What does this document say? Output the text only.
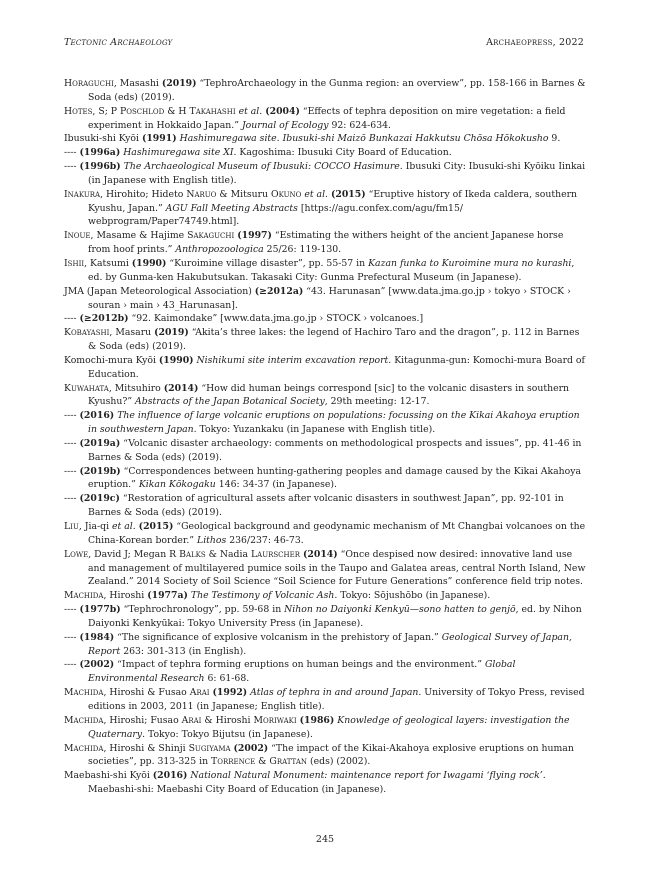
Tectonic Archaeology	Archaeopress, 2022

Horaguchi, Masashi (2019) “TephroArchaeology in the Gunma region: an overview”, pp. 158-166 in Barnes & Soda (eds) (2019).

Hotes, S; P Poschlod & H Takahashi et al. (2004) “Effects of tephra deposition on mire vegetation: a field experiment in Hokkaido Japan.” Journal of Ecology 92: 624-634.

Ibusuki-shi Kyōi (1991) Hashimuregawa site. Ibusuki-shi Maizō Bunkazai Hakkutsu Chōsa Hōkokusho 9.

---- (1996a) Hashimuregawa site XI. Kagoshima: Ibusuki City Board of Education.

---- (1996b) The Archaeological Museum of Ibusuki: COCCO Hasimure. Ibusuki City: Ibusuki-shi Kyōiku Iinkai (in Japanese with English title).

Inakura, Hirohito; Hideto Naruo & Mitsuru Okuno et al. (2015) “Eruptive history of Ikeda caldera, southern Kyushu, Japan.” AGU Fall Meeting Abstracts [https://agu.confex.com/agu/fm15/ webprogram/Paper74749.html].

Inoue, Masame & Hajime Sakaguchi (1997) “Estimating the withers height of the ancient Japanese horse from hoof prints.” Anthropozoologica 25/26: 119-130.

Ishii, Katsumi (1990) “Kuroimine village disaster”, pp. 55-57 in Kazan funka to Kuroimine mura no kurashi, ed. by Gunma-ken Hakubutsukan. Takasaki City: Gunma Prefectural Museum (in Japanese).

JMA (Japan Meteorological Association) (≥2012a) “43. Harunasan” [www.data.jma.go.jp › tokyo › STOCK › souran › main › 43_Harunasan].

---- (≥2012b) “92. Kaimondake” [www.data.jma.go.jp › STOCK › volcanoes.]

Kobayashi, Masaru (2019) “Akita’s three lakes: the legend of Hachiro Taro and the dragon”, p. 112 in Barnes & Soda (eds) (2019).

Komochi-mura Kyōi (1990) Nishikumi site interim excavation report. Kitagunma-gun: Komochi-mura Board of Education.

Kuwahata, Mitsuhiro (2014) “How did human beings correspond [sic] to the volcanic disasters in southern Kyushu?” Abstracts of the Japan Botanical Society, 29th meeting: 12-17.

---- (2016) The influence of large volcanic eruptions on populations: focussing on the Kikai Akahoya eruption in southwestern Japan. Tokyo: Yuzankaku (in Japanese with English title).

---- (2019a) “Volcanic disaster archaeology: comments on methodological prospects and issues”, pp. 41-46 in Barnes & Soda (eds) (2019).

---- (2019b) “Correspondences between hunting-gathering peoples and damage caused by the Kikai Akahoya eruption.” Kikan Kōkogaku 146: 34-37 (in Japanese).

---- (2019c) “Restoration of agricultural assets after volcanic disasters in southwest Japan”, pp. 92-101 in Barnes & Soda (eds) (2019).

Liu, Jia-qi et al. (2015) “Geological background and geodynamic mechanism of Mt Changbai volcanoes on the China-Korean border.” Lithos 236/237: 46-73.

Lowe, David J; Megan R Balks & Nadia Laurscher (2014) “Once despised now desired: innovative land use and management of multilayered pumice soils in the Taupo and Galatea areas, central North Island, New Zealand.” 2014 Society of Soil Science “Soil Science for Future Generations” conference field trip notes.

Machida, Hiroshi (1977a) The Testimony of Volcanic Ash. Tokyo: Sōjushōbo (in Japanese).

---- (1977b) “Tephrochronology”, pp. 59-68 in Nihon no Daiyonki Kenkyū—sono hatten to genjō, ed. by Nihon Daiyonki Kenkyūkai: Tokyo University Press (in Japanese).

---- (1984) “The significance of explosive volcanism in the prehistory of Japan.” Geological Survey of Japan, Report 263: 301-313 (in English).

---- (2002) “Impact of tephra forming eruptions on human beings and the environment.” Global Environmental Research 6: 61-68.

Machida, Hiroshi & Fusao Arai (1992) Atlas of tephra in and around Japan. University of Tokyo Press, revised editions in 2003, 2011 (in Japanese; English title).

Machida, Hiroshi; Fusao Arai & Hiroshi Moriwaki (1986) Knowledge of geological layers: investigation the Quaternary. Tokyo: Tokyo Bijutsu (in Japanese).

Machida, Hiroshi & Shinji Sugiyama (2002) “The impact of the Kikai-Akahoya explosive eruptions on human societies”, pp. 313-325 in Torrence & Grattan (eds) (2002).

Maebashi-shi Kyōi (2016) National Natural Monument: maintenance report for Iwagami ‘flying rock’. Maebashi-shi: Maebashi City Board of Education (in Japanese).

245
